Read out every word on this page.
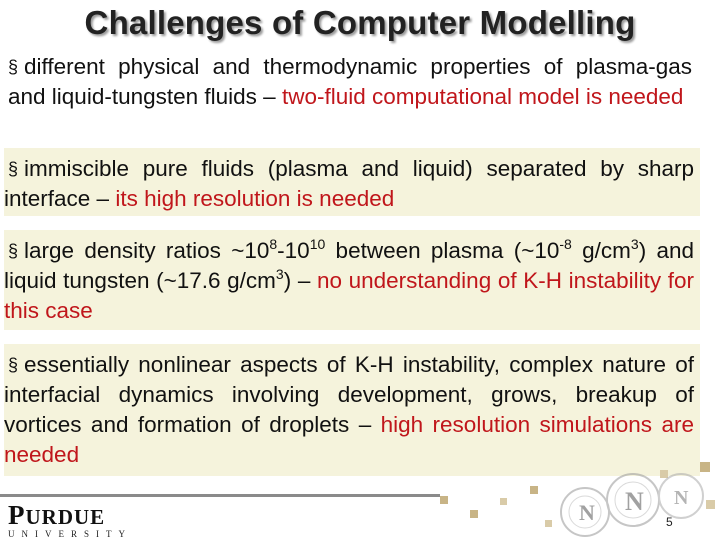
Challenges of Computer Modelling
§ different physical and thermodynamic properties of plasma-gas and liquid-tungsten fluids – two-fluid computational model is needed
§ immiscible pure fluids (plasma and liquid) separated by sharp interface – its high resolution is needed
§ large density ratios $\sim 10^8-10^{10}$ between plasma ($\sim 10^{-8}$ $g/cm^3$) and liquid tungsten (~17.6 $g/cm^3$) – no understanding of K-H instability for this case
§ essentially nonlinear aspects of K-H instability, complex nature of interfacial dynamics involving development, grows, breakup of vortices and formation of droplets – high resolution simulations are needed
PURDUE
UNIVERSITY
N N N
5
